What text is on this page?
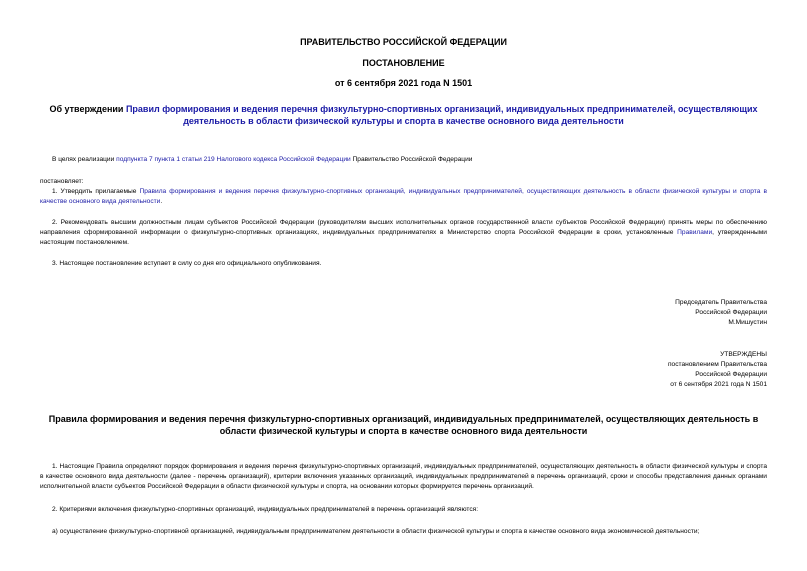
ПРАВИТЕЛЬСТВО РОССИЙСКОЙ ФЕДЕРАЦИИ
ПОСТАНОВЛЕНИЕ
от 6 сентября 2021 года N 1501
Об утверждении Правил формирования и ведения перечня физкультурно-спортивных организаций, индивидуальных предпринимателей, осуществляющих деятельность в области физической культуры и спорта в качестве основного вида деятельности
В целях реализации подпункта 7 пункта 1 статьи 219 Налогового кодекса Российской Федерации Правительство Российской Федерации
постановляет:
1. Утвердить прилагаемые Правила формирования и ведения перечня физкультурно-спортивных организаций, индивидуальных предпринимателей, осуществляющих деятельность в области физической культуры и спорта в качестве основного вида деятельности.
2. Рекомендовать высшим должностным лицам субъектов Российской Федерации (руководителям высших исполнительных органов государственной власти субъектов Российской Федерации) принять меры по обеспечению направления сформированной информации о физкультурно-спортивных организациях, индивидуальных предпринимателях в Министерство спорта Российской Федерации в сроки, установленные Правилами, утвержденными настоящим постановлением.
3. Настоящее постановление вступает в силу со дня его официального опубликования.
Председатель Правительства
Российской Федерации
М.Мишустин
УТВЕРЖДЕНЫ
постановлением Правительства
Российской Федерации
от 6 сентября 2021 года N 1501
Правила формирования и ведения перечня физкультурно-спортивных организаций, индивидуальных предпринимателей, осуществляющих деятельность в области физической культуры и спорта в качестве основного вида деятельности
1. Настоящие Правила определяют порядок формирования и ведения перечня физкультурно-спортивных организаций, индивидуальных предпринимателей, осуществляющих деятельность в области физической культуры и спорта в качестве основного вида деятельности (далее - перечень организаций), критерии включения указанных организаций, индивидуальных предпринимателей в перечень организаций, сроки и способы представления данных органами исполнительной власти субъектов Российской Федерации в области физической культуры и спорта, на основании которых формируется перечень организаций.
2. Критериями включения физкультурно-спортивных организаций, индивидуальных предпринимателей в перечень организаций являются:
а) осуществление физкультурно-спортивной организацией, индивидуальным предпринимателем деятельности в области физической культуры и спорта в качестве основного вида экономической деятельности;
